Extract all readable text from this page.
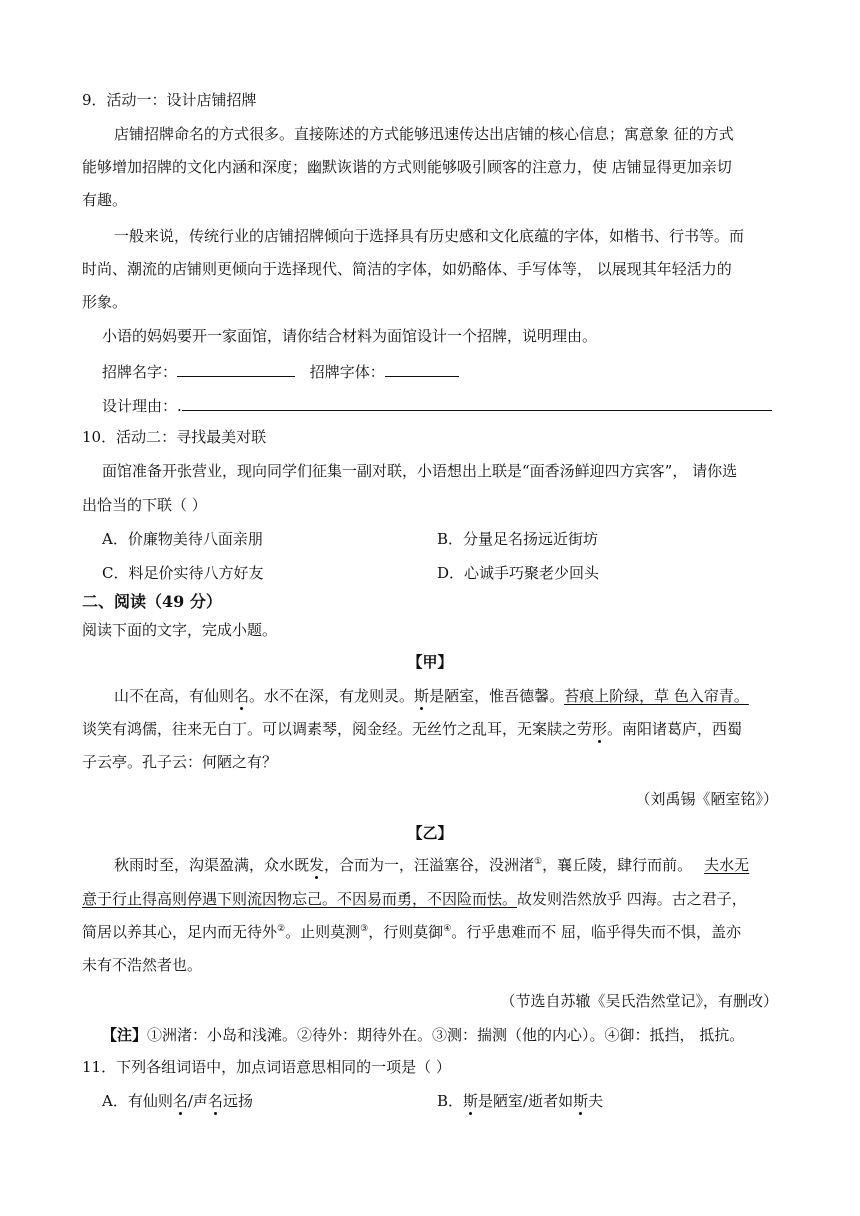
9．活动一：设计店铺招牌
店铺招牌命名的方式很多。直接陈述的方式能够迅速传达出店铺的核心信息；寓意象 征的方式
能够增加招牌的文化内涵和深度；幽默诙谐的方式则能够吸引顾客的注意力，使 店铺显得更加亲切
有趣。
一般来说，传统行业的店铺招牌倾向于选择具有历史感和文化底蕴的字体，如楷书、行书等。而
时尚、潮流的店铺则更倾向于选择现代、简洁的字体，如奶酪体、手写体等， 以展现其年轻活力的
形象。
小语的妈妈要开一家面馆，请你结合材料为面馆设计一个招牌，说明理由。
招牌名字：	招牌字体：
设计理由：.
10．活动二：寻找最美对联
面馆准备开张营业，现向同学们征集一副对联，小语想出上联是“面香汤鲜迎四方宾客”， 请你选
出恰当的下联（ ）
A．价廉物美待八面亲朋	B．分量足名扬远近街坊
C．料足价实待八方好友	D．心诚手巧聚老少回头
二、阅读（49 分）
阅读下面的文字，完成小题。
【甲】
山不在高，有仙则名。水不在深，有龙则灵。斯是陋室，惟吾德馨。苔痕上阶绿，草 色入帘青。
谈笑有鸿儒，往来无白丁。可以调素琴，阅金经。无丝竹之乱耳，无案牍之劳形。南阳诸葛庐，西蜀
子云亭。孔子云：何陋之有？
（刘禹锡《陋室铭》）
【乙】
秋雨时至，沟渠盈满，众水既发，合而为一，汪溢塞谷，没洲渚①，襄丘陵，肆行而前。 夫水无
意于行止得高则停遇下则流因物忘己。不因易而勇，不因险而怯。故发则浩然放乎 四海。古之君子，
简居以养其心，足内而无待外②。止则莫测③，行则莫御④。行乎患难而不 屈，临乎得失而不惧，盖亦
未有不浩然者也。
（节选自苏辙《吴氏浩然堂记》，有删改）
【注】①洲渚：小岛和浅滩。②待外：期待外在。③测：揣测（他的内心）。④御：抵挡， 抵抗。
11．下列各组词语中，加点词语意思相同的一项是（ ）
A．有仙则名/声名远扬	B．斯是陋室/逝者如斯夫
